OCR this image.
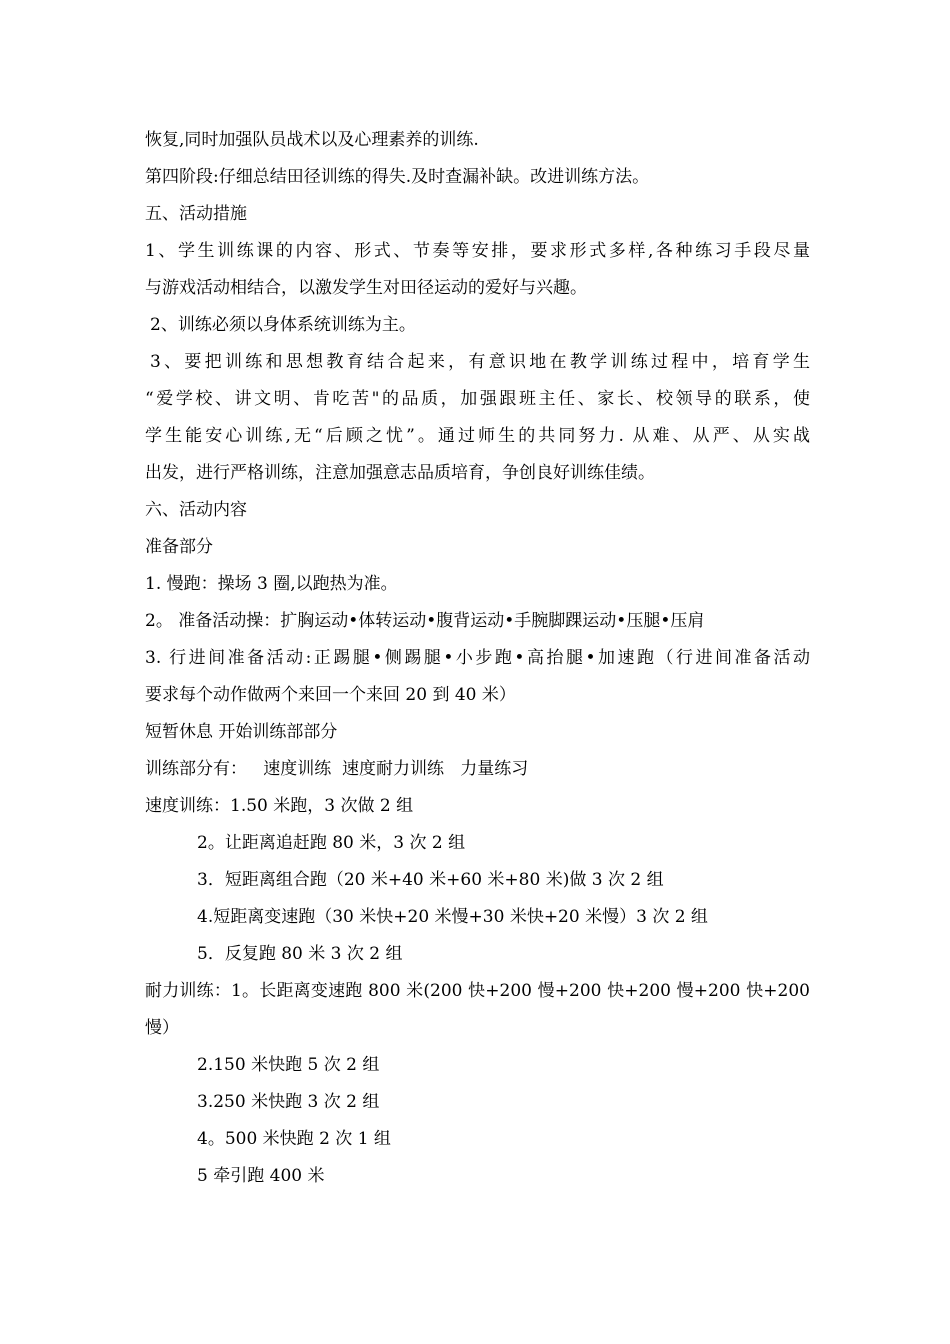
恢复,同时加强队员战术以及心理素养的训练.
第四阶段:仔细总结田径训练的得失.及时查漏补缺。改进训练方法。
五、活动措施
1、学生训练课的内容、形式、节奏等安排，要求形式多样,各种练习手段尽量
与游戏活动相结合，以激发学生对田径运动的爱好与兴趣。
2、训练必须以身体系统训练为主。
3、要把训练和思想教育结合起来，有意识地在教学训练过程中，培育学生
“爱学校、讲文明、肯吃苦"的品质，加强跟班主任、家长、校领导的联系，使
学生能安心训练,无“后顾之忧”。通过师生的共同努力. 从难、从严、从实战
出发，进行严格训练，注意加强意志品质培育，争创良好训练佳绩。
六、活动内容
准备部分
1. 慢跑：操场 3 圈,以跑热为准。
2。 准备活动操：扩胸运动•体转运动•腹背运动•手腕脚踝运动•压腿•压肩
3. 行进间准备活动:正踢腿•侧踢腿•小步跑•高抬腿•加速跑（行进间准备活动
要求每个动作做两个来回一个来回 20 到 40 米）
短暂休息 开始训练部部分
训练部分有：   速度训练  速度耐力训练   力量练习
速度训练：1.50 米跑，3 次做 2 组
2。让距离追赶跑 80 米，3 次 2 组
3．短距离组合跑（20 米+40 米+60 米+80 米)做 3 次 2 组
4.短距离变速跑（30 米快+20 米慢+30 米快+20 米慢）3 次 2 组
5．反复跑 80 米 3 次 2 组
耐力训练：1。长距离变速跑 800 米(200 快+200 慢+200 快+200 慢+200 快+200
慢）
2.150 米快跑 5 次 2 组
3.250 米快跑 3 次 2 组
4。500 米快跑 2 次 1 组
5 牵引跑 400 米
